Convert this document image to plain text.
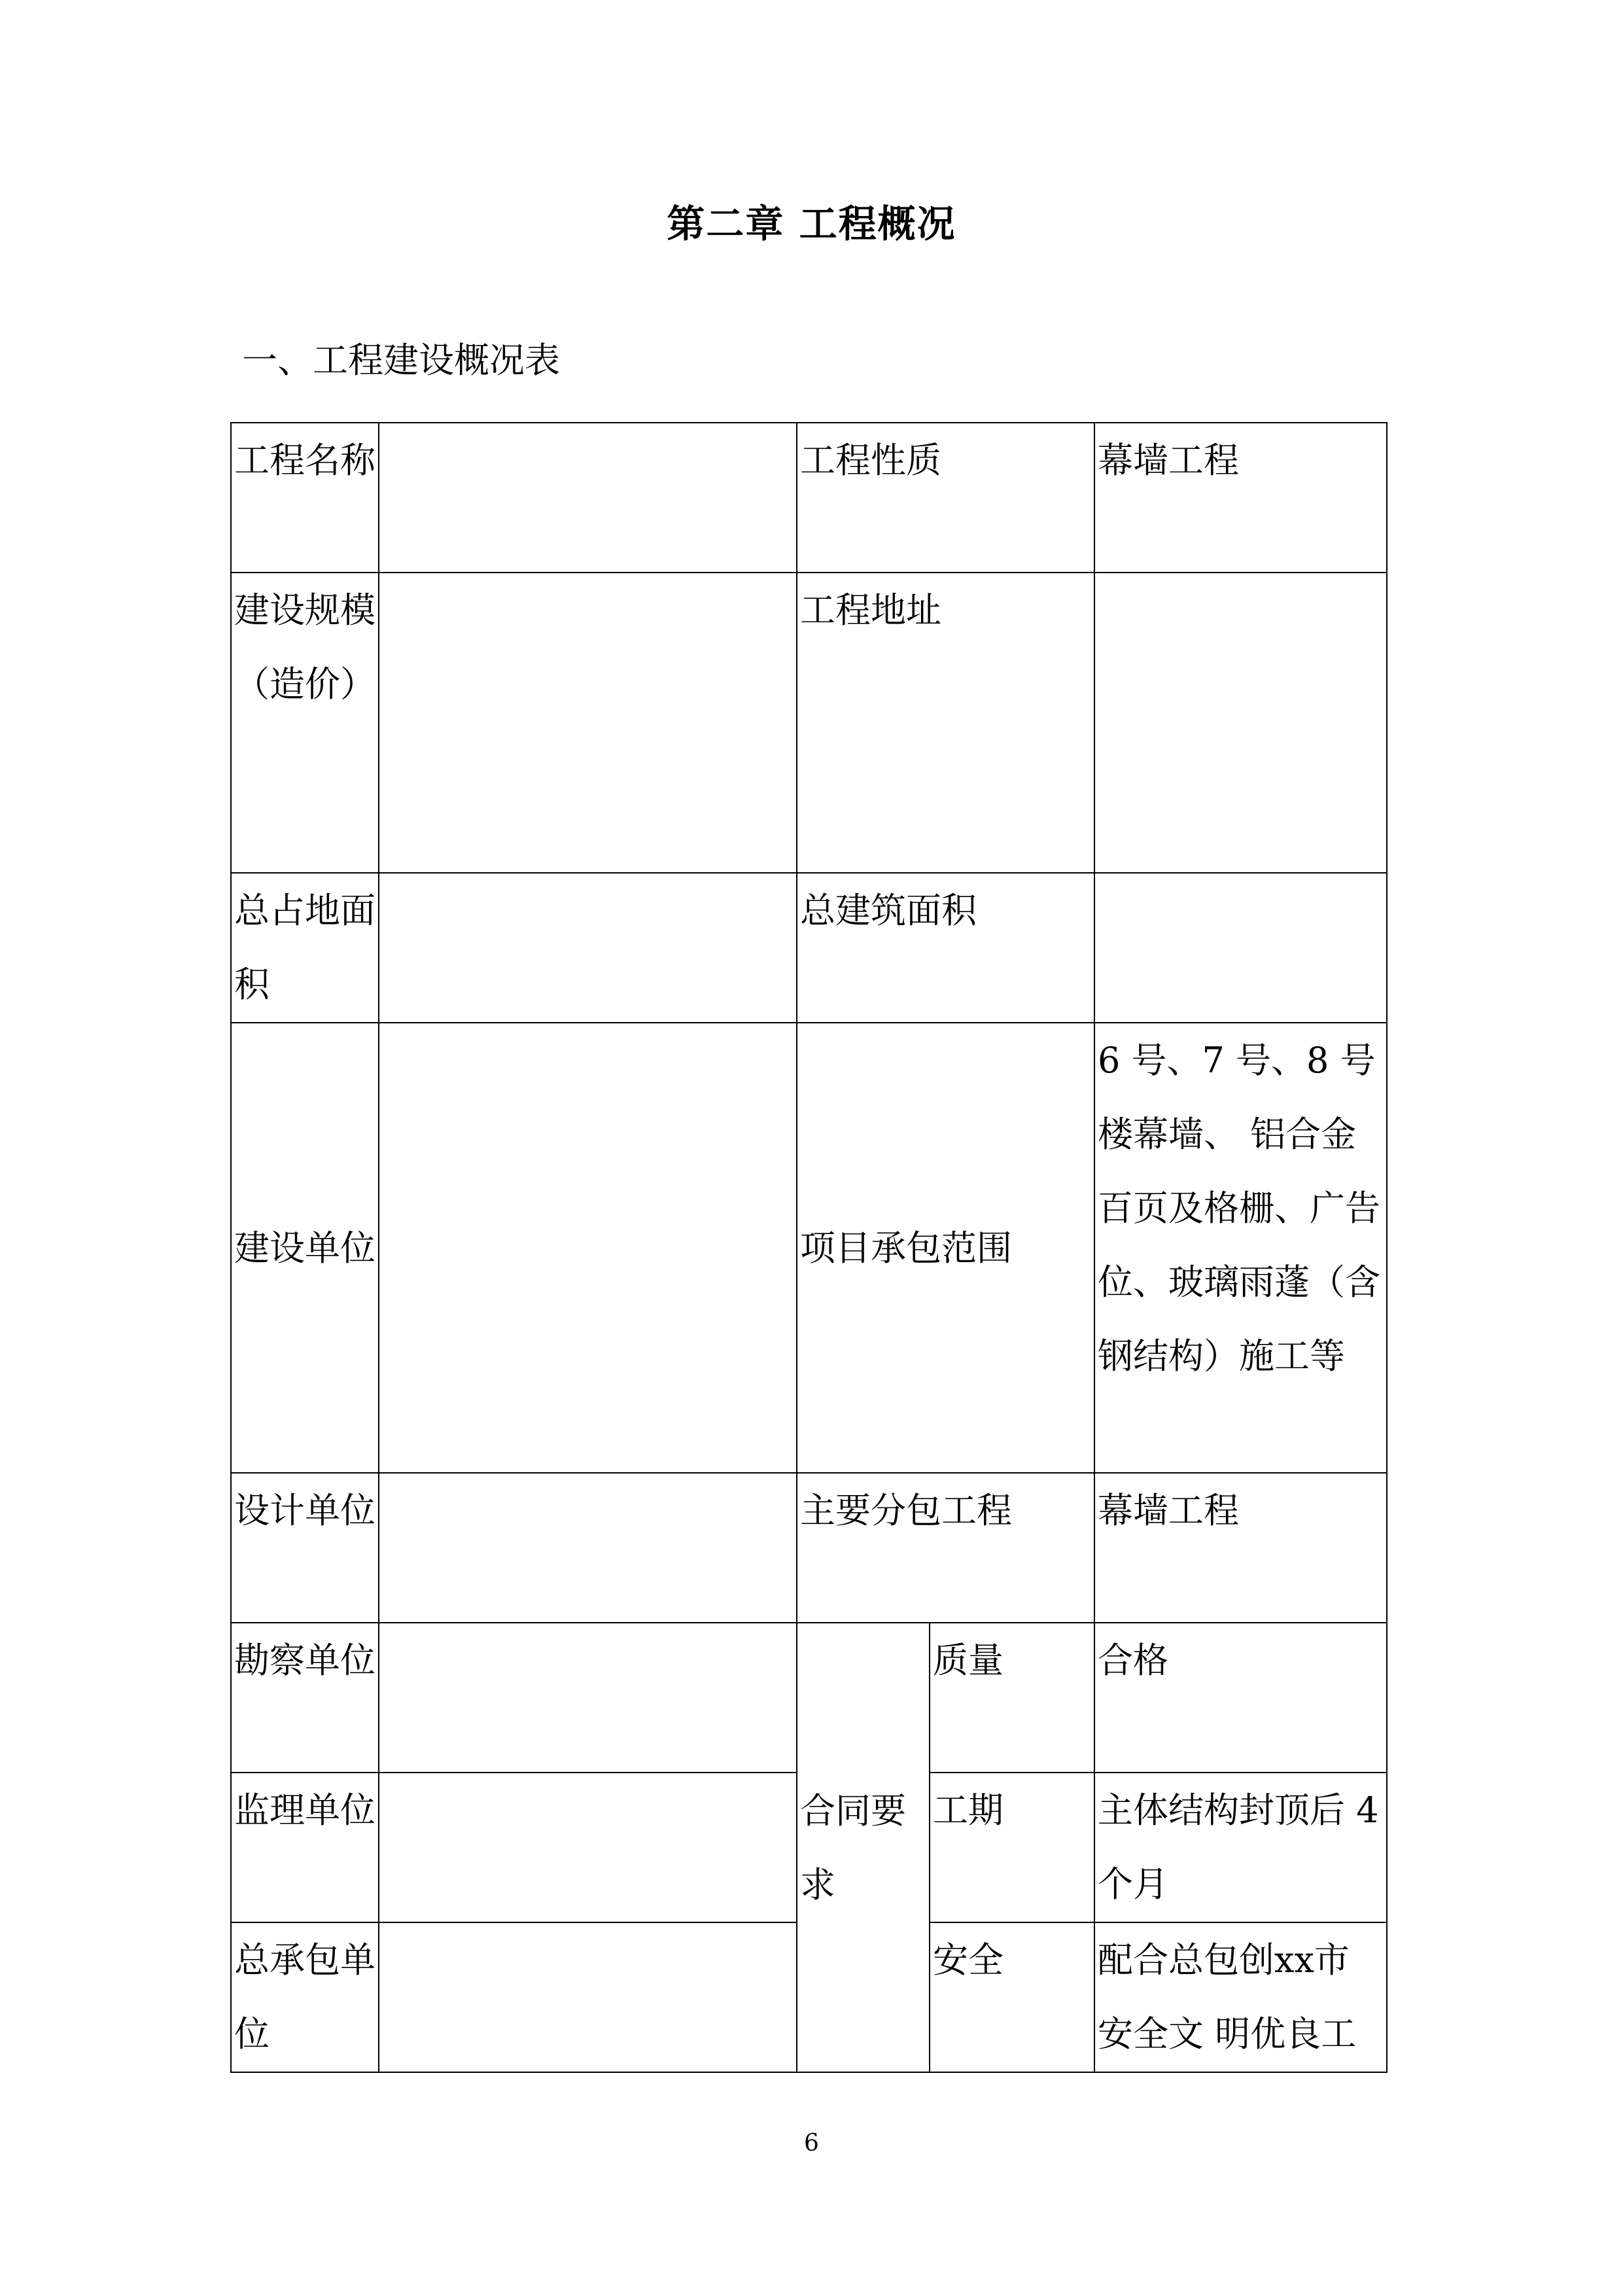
第二章 工程概况
一、工程建设概况表
工程名称		工程性质		幕墙工程
建设规模（造价）		工程地址		
总占地面积		总建筑面积		
建设单位		项目承包范围		6 号、7 号、8 号楼幕墙、 铝合金百页及格栅、广告 位、玻璃雨蓬（含钢结构）施工等
设计单位		主要分包工程		幕墙工程
勘察单位		合同要求	质量	合格
监理单位			工期	主体结构封顶后 4 个月
总承包单位			安全	配合总包创xx市安全文 明优良工
6
